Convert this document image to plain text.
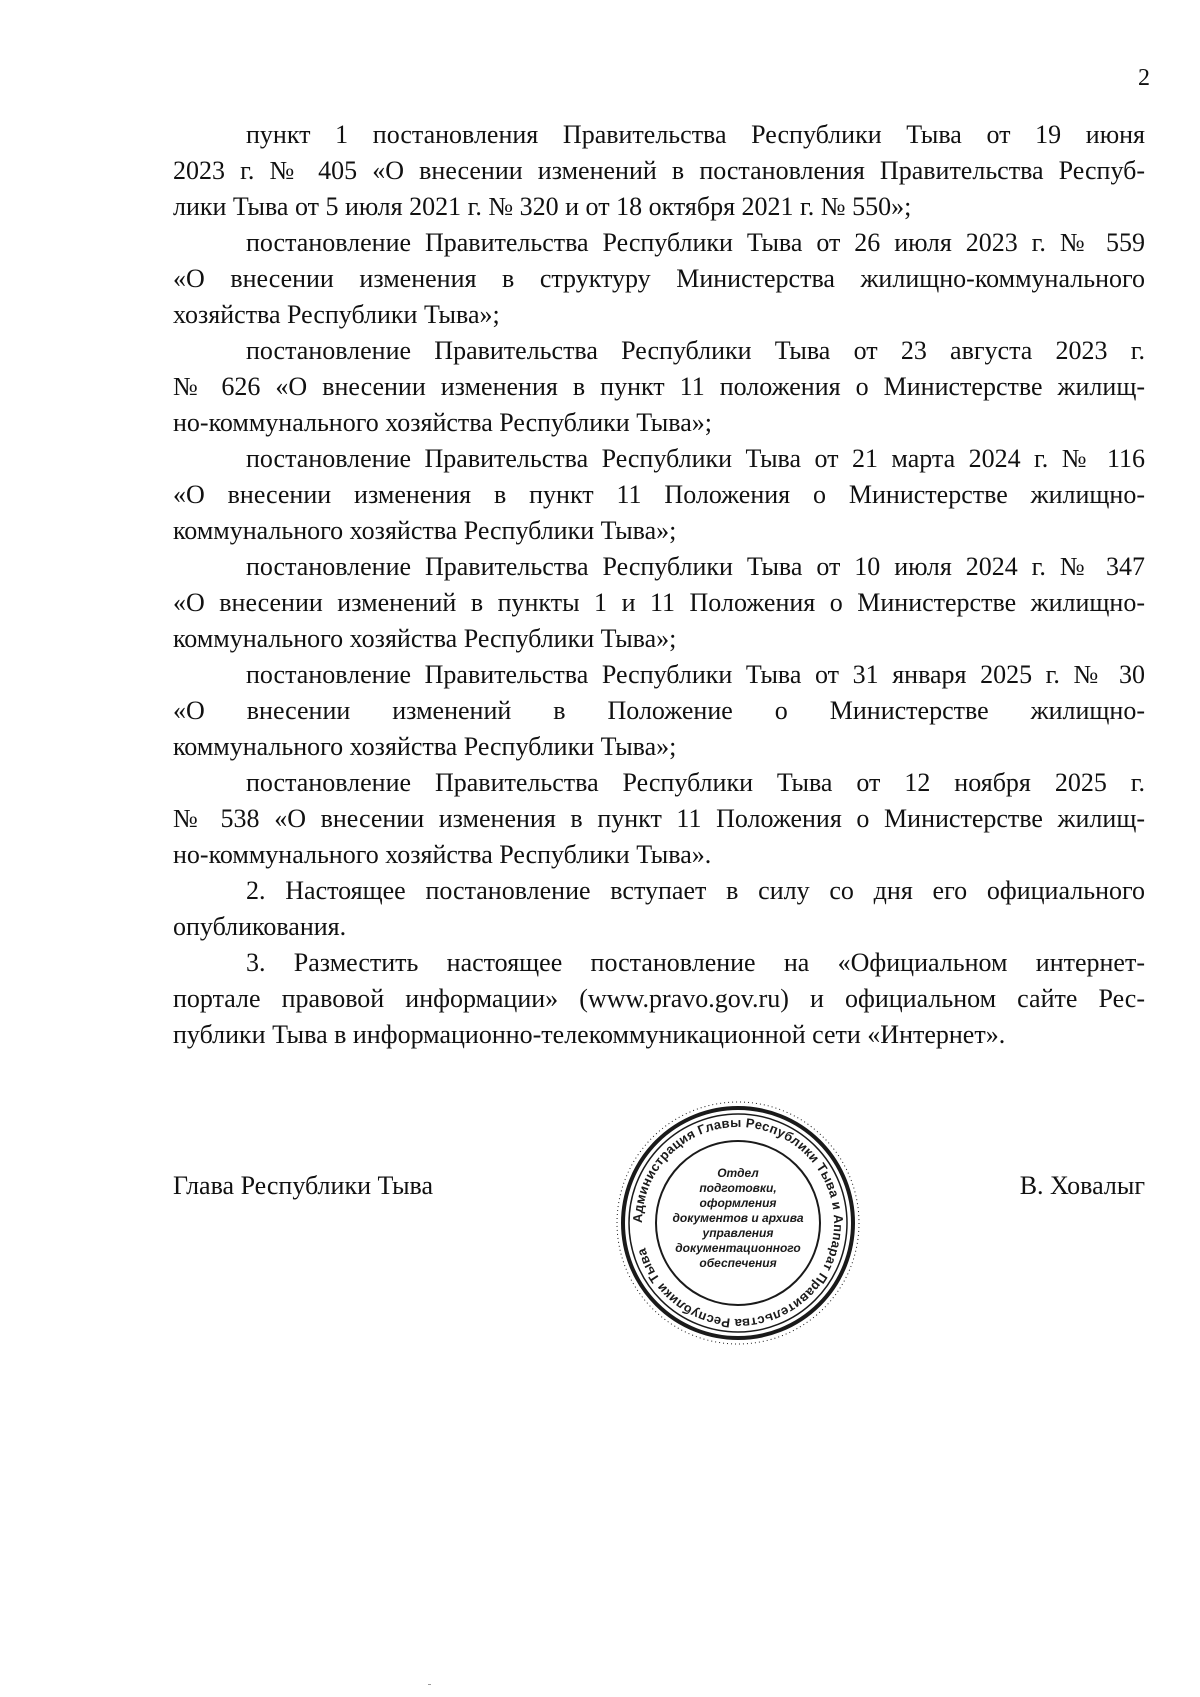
2
пункт 1 постановления Правительства Республики Тыва от 19 июня
2023 г. № 405 «О внесении изменений в постановления Правительства Респуб-
лики Тыва от 5 июля 2021 г. № 320 и от 18 октября 2021 г. № 550»;
постановление Правительства Республики Тыва от 26 июля 2023 г. № 559
«О внесении изменения в структуру Министерства жилищно-коммунального
хозяйства Республики Тыва»;
постановление Правительства Республики Тыва от 23 августа 2023 г.
№ 626 «О внесении изменения в пункт 11 положения о Министерстве жилищ-
но-коммунального хозяйства Республики Тыва»;
постановление Правительства Республики Тыва от 21 марта 2024 г. № 116
«О внесении изменения в пункт 11 Положения о Министерстве жилищно-
коммунального хозяйства Республики Тыва»;
постановление Правительства Республики Тыва от 10 июля 2024 г. № 347
«О внесении изменений в пункты 1 и 11 Положения о Министерстве жилищно-
коммунального хозяйства Республики Тыва»;
постановление Правительства Республики Тыва от 31 января 2025 г. № 30
«О внесении изменений в Положение о Министерстве жилищно-
коммунального хозяйства Республики Тыва»;
постановление Правительства Республики Тыва от 12 ноября 2025 г.
№ 538 «О внесении изменения в пункт 11 Положения о Министерстве жилищ-
но-коммунального хозяйства Республики Тыва».
2. Настоящее постановление вступает в силу со дня его официального
опубликования.
3. Разместить настоящее постановление на «Официальном интернет-
портале правовой информации» (www.pravo.gov.ru) и официальном сайте Рес-
публики Тыва в информационно-телекоммуникационной сети «Интернет».
Глава Республики Тыва	В. Ховалыг
Администрация Главы Республики Тыва и Аппарат Правительства Республики Тыва
Отдел
подготовки,
оформления
документов и архива
управления
документационного
обеспечения
